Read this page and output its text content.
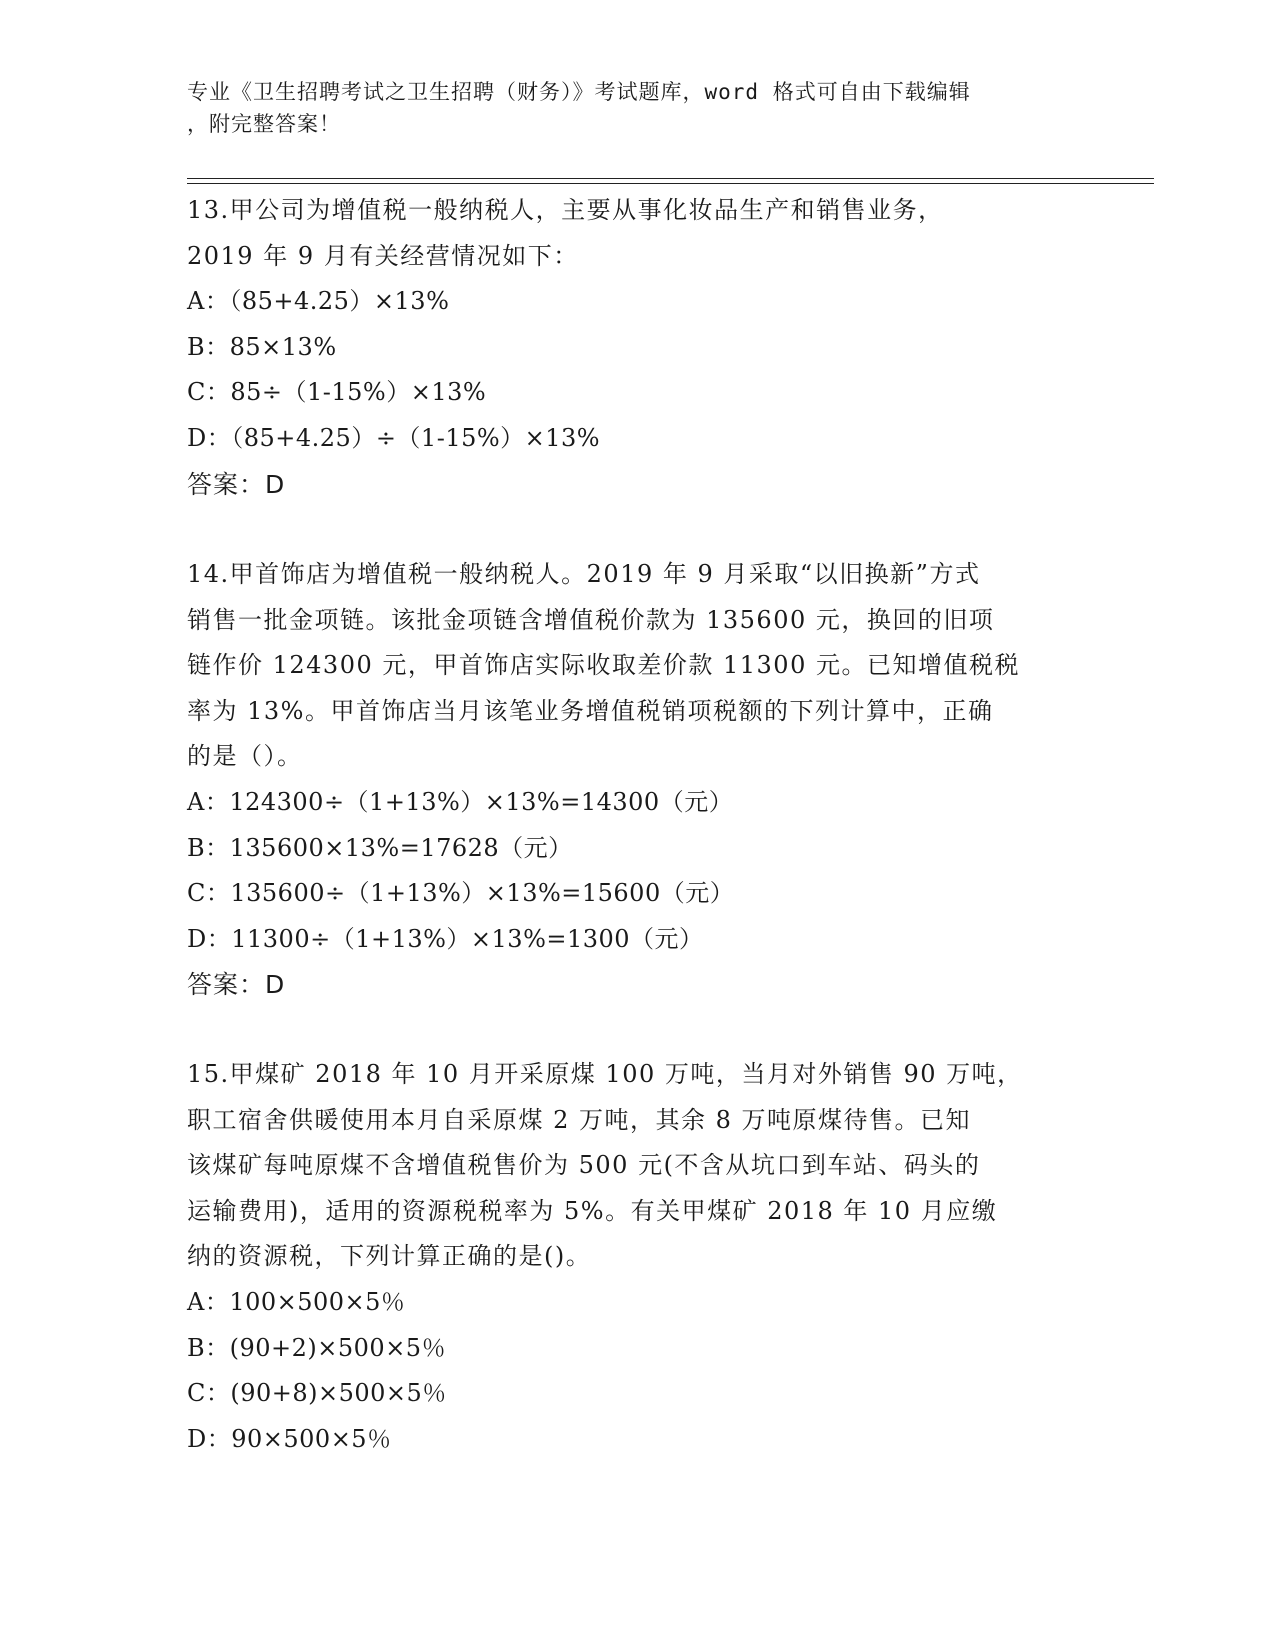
专业《卫生招聘考试之卫生招聘（财务）》考试题库，word 格式可自由下载编辑
，附完整答案！
13.甲公司为增值税一般纳税人，主要从事化妆品生产和销售业务，
2019 年 9 月有关经营情况如下：
A：（85+4.25）×13%
B：85×13%
C：85÷（1-15%）×13%
D：（85+4.25）÷（1-15%）×13%
答案：D
14.甲首饰店为增值税一般纳税人。2019 年 9 月采取“以旧换新”方式
销售一批金项链。该批金项链含增值税价款为 135600 元，换回的旧项
链作价 124300 元，甲首饰店实际收取差价款 11300 元。已知增值税税
率为 13%。甲首饰店当月该笔业务增值税销项税额的下列计算中，正确
的是（）。
A：124300÷（1+13%）×13%=14300（元）
B：135600×13%=17628（元）
C：135600÷（1+13%）×13%=15600（元）
D：11300÷（1+13%）×13%=1300（元）
答案：D
15.甲煤矿 2018 年 10 月开采原煤 100 万吨，当月对外销售 90 万吨，
职工宿舍供暖使用本月自采原煤 2 万吨，其余 8 万吨原煤待售。已知
该煤矿每吨原煤不含增值税售价为 500 元(不含从坑口到车站、码头的
运输费用)，适用的资源税税率为 5%。有关甲煤矿 2018 年 10 月应缴
纳的资源税，下列计算正确的是()。
A：100×500×5％
B：(90+2)×500×5％
C：(90+8)×500×5％
D：90×500×5％
